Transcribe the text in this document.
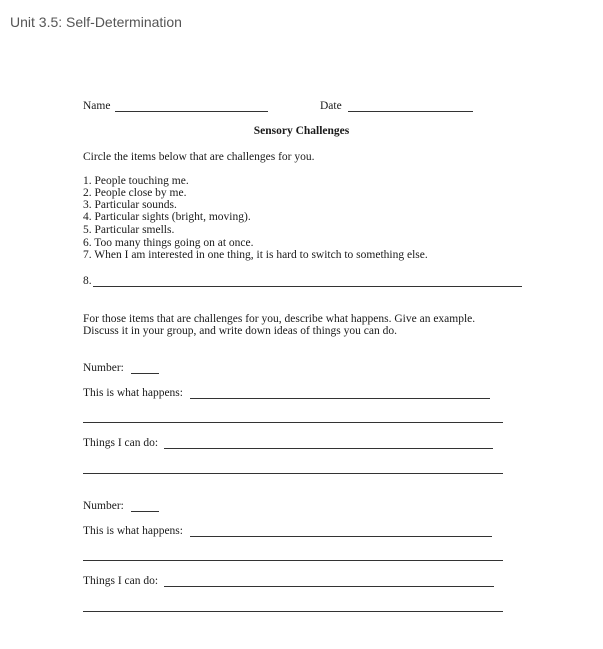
Unit 3.5: Self-Determination
Name	Date
Sensory Challenges
Circle the items below that are challenges for you.
1. People touching me.
2. People close by me.
3. Particular sounds.
4. Particular sights (bright, moving).
5. Particular smells.
6. Too many things going on at once.
7. When I am interested in one thing, it is hard to switch to something else.
8.
For those items that are challenges for you, describe what happens. Give an example.
Discuss it in your group, and write down ideas of things you can do.
Number:
This is what happens:
Things I can do:
Number:
This is what happens:
Things I can do:
